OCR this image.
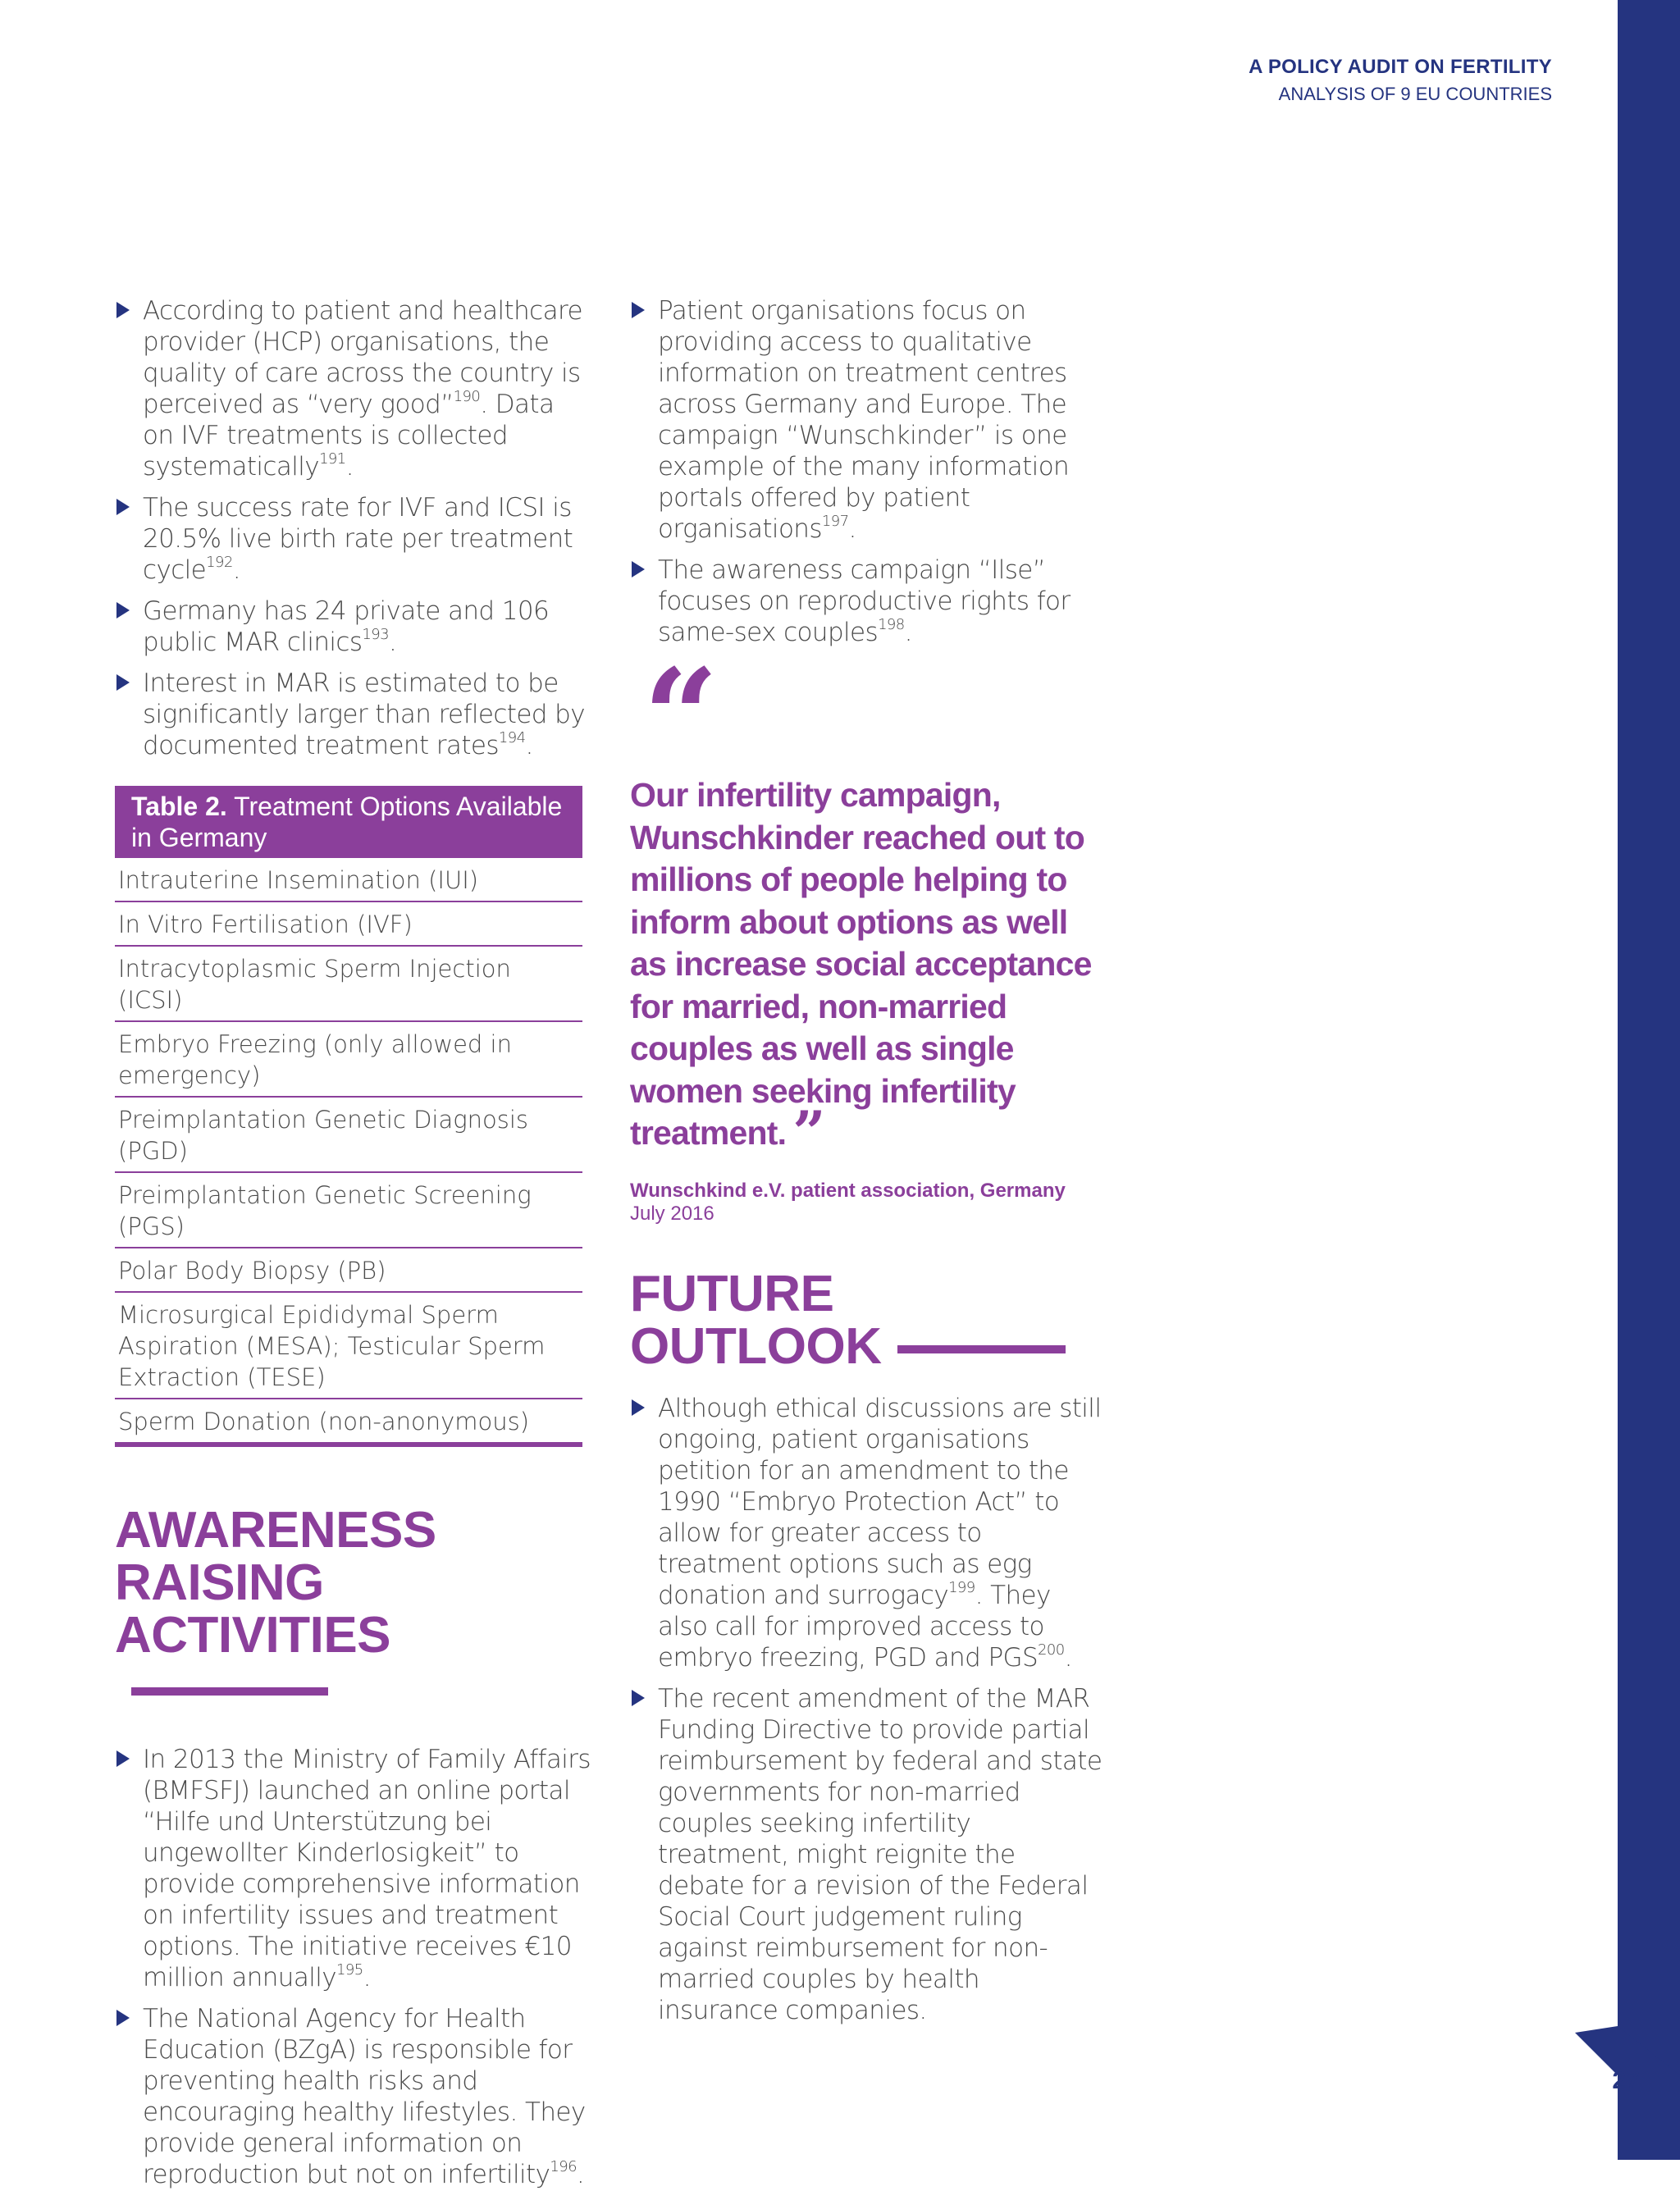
27
A POLICY AUDIT ON FERTILITY
ANALYSIS OF 9 EU COUNTRIES
According to patient and healthcare provider (HCP) organisations, the quality of care across the country is perceived as “very good”$^{190}$. Data on IVF treatments is collected systematically$^{191}$.
The success rate for IVF and ICSI is 20.5% live birth rate per treatment cycle$^{192}$.
Germany has 24 private and 106 public MAR clinics$^{193}$.
Interest in MAR is estimated to be significantly larger than reflected by documented treatment rates$^{194}$.
Table 2. Treatment Options Available in Germany
Intrauterine Insemination (IUI)
In Vitro Fertilisation (IVF)
Intracytoplasmic Sperm Injection (ICSI)
Embryo Freezing (only allowed in emergency)
Preimplantation Genetic Diagnosis (PGD)
Preimplantation Genetic Screening (PGS)
Polar Body Biopsy (PB)
Microsurgical Epididymal Sperm Aspiration (MESA); Testicular Sperm Extraction (TESE)
Sperm Donation (non-anonymous)
AWARENESS
RAISING
ACTIVITIES
In 2013 the Ministry of Family Affairs (BMFSFJ) launched an online portal “Hilfe und Unterstützung bei ungewollter Kinderlosigkeit” to provide comprehensive information on infertility issues and treatment options. The initiative receives €10 million annually$^{195}$.
The National Agency for Health Education (BZgA) is responsible for preventing health risks and encouraging healthy lifestyles. They provide general information on reproduction but not on infertility$^{196}$.
Patient organisations focus on providing access to qualitative information on treatment centres across Germany and Europe. The campaign “Wunschkinder” is one example of the many information portals offered by patient organisations$^{197}$.
The awareness campaign “Ilse” focuses on reproductive rights for same-sex couples$^{198}$.
“
Our infertility campaign, Wunschkinder reached out to millions of people helping to inform about options as well as increase social acceptance for married, non-married couples as well as single women seeking infertility treatment. ”
Wunschkind e.V. patient association, Germany
July 2016
FUTURE
OUTLOOK
Although ethical discussions are still ongoing, patient organisations petition for an amendment to the 1990 “Embryo Protection Act” to allow for greater access to treatment options such as egg donation and surrogacy$^{199}$. They also call for improved access to embryo freezing, PGD and PGS$^{200}$.
The recent amendment of the MAR Funding Directive to provide partial reimbursement by federal and state governments for non-married couples seeking infertility treatment, might reignite the debate for a revision of the Federal Social Court judgement ruling against reimbursement for non-married couples by health insurance companies.
